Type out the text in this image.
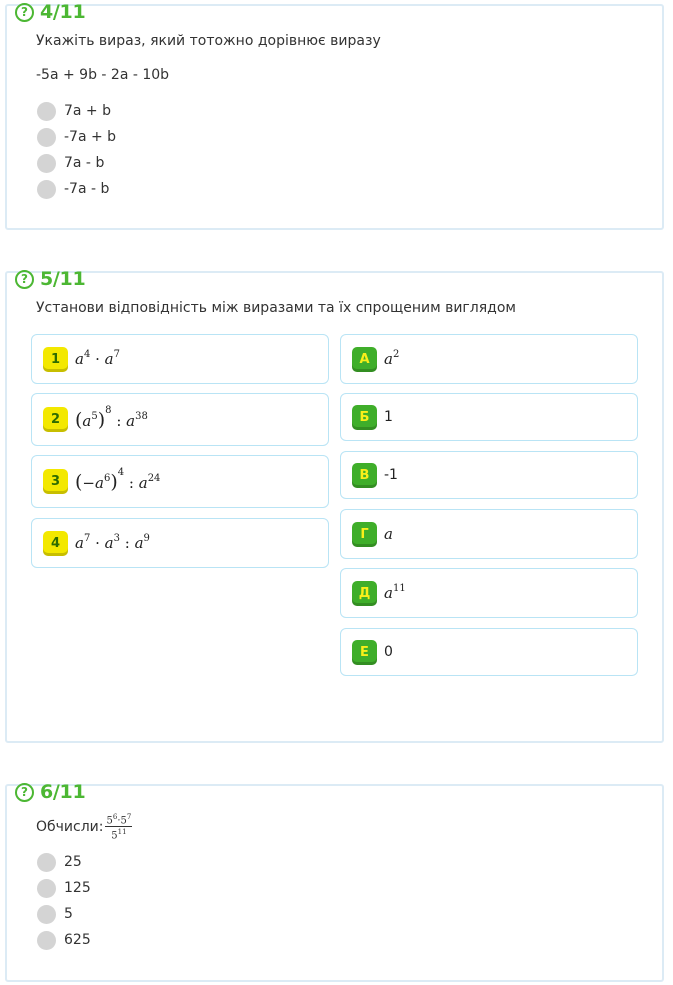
? 4/11
Укажіть вираз, який тотожно дорівнює виразу
-5a + 9b - 2a - 10b
7a + b
-7a + b
7a - b
-7a - b
? 5/11
Установи відповідність між виразами та їх спрощеним виглядом
1 $a^4 \cdot a^7$
2 $(a^5)^8$ : $a^{38}$
3 $(-a^6)^4$ : $a^{24}$
4 $a^7 \cdot a^3$ : $a^9$
А $a^2$
Б	1
В	-1
Г	a
Д $a^{11}$
Е	0
? 6/11
Обчисли: $\frac{5^6\cdot 5^7}{5^{11}}$
25
125
5
625
